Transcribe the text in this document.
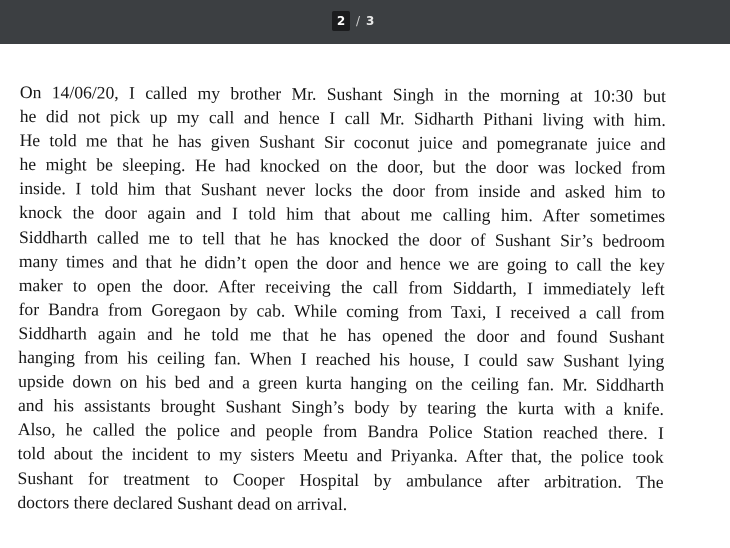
2 / 3
On 14/06/20, I called my brother Mr. Sushant Singh in the morning at 10:30 but
he did not pick up my call and hence I call Mr. Sidharth Pithani living with him.
He told me that he has given Sushant Sir coconut juice and pomegranate juice and
he might be sleeping. He had knocked on the door, but the door was locked from
inside. I told him that Sushant never locks the door from inside and asked him to
knock the door again and I told him that about me calling him. After sometimes
Siddharth called me to tell that he has knocked the door of Sushant Sir’s bedroom
many times and that he didn’t open the door and hence we are going to call the key
maker to open the door. After receiving the call from Siddarth, I immediately left
for Bandra from Goregaon by cab. While coming from Taxi, I received a call from
Siddharth again and he told me that he has opened the door and found Sushant
hanging from his ceiling fan. When I reached his house, I could saw Sushant lying
upside down on his bed and a green kurta hanging on the ceiling fan. Mr. Siddharth
and his assistants brought Sushant Singh’s body by tearing the kurta with a knife.
Also, he called the police and people from Bandra Police Station reached there. I
told about the incident to my sisters Meetu and Priyanka. After that, the police took
Sushant for treatment to Cooper Hospital by ambulance after arbitration. The
doctors there declared Sushant dead on arrival.
